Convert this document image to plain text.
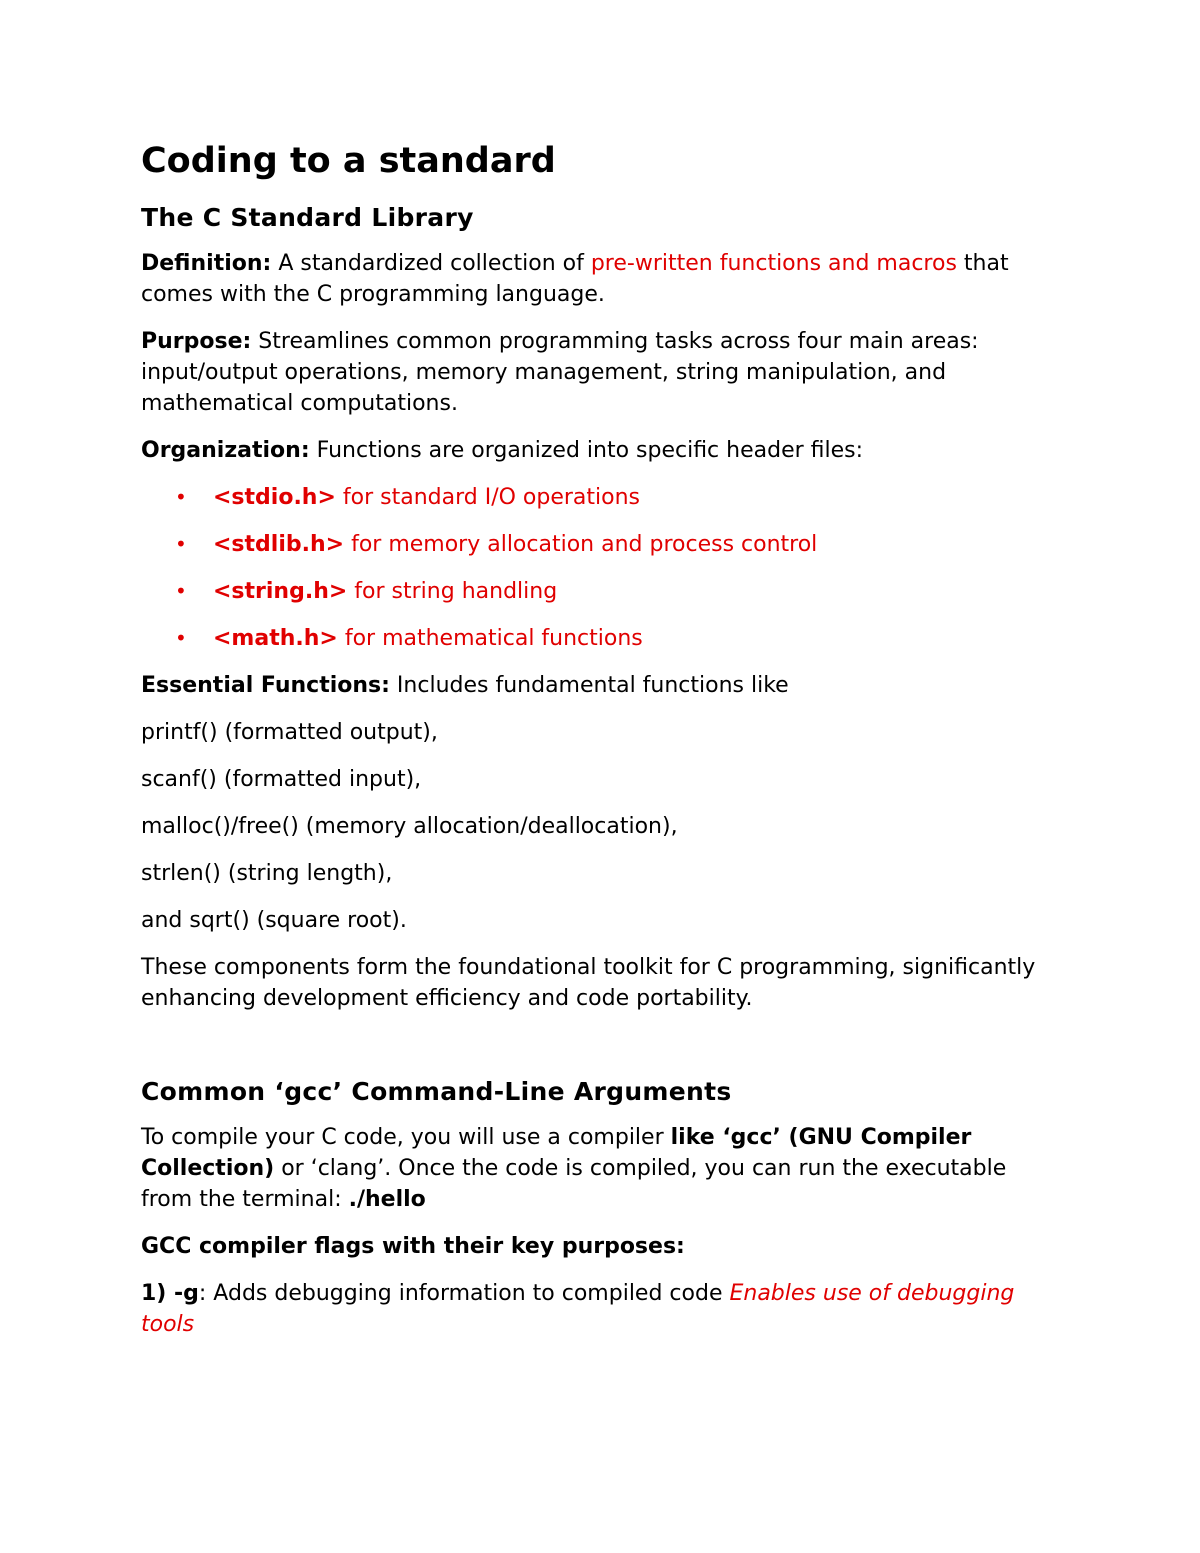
Coding to a standard
The C Standard Library

Definition: A standardized collection of pre-written functions and macros that comes with the C programming language.

Purpose: Streamlines common programming tasks across four main areas: input/output operations, memory management, string manipulation, and mathematical computations.

Organization: Functions are organized into specific header files:

• <stdio.h> for standard I/O operations
• <stdlib.h> for memory allocation and process control
• <string.h> for string handling
• <math.h> for mathematical functions

Essential Functions: Includes fundamental functions like

printf() (formatted output),

scanf() (formatted input),

malloc()/free() (memory allocation/deallocation),

strlen() (string length),

and sqrt() (square root).

These components form the foundational toolkit for C programming, significantly enhancing development efficiency and code portability.

Common ‘gcc’ Command-Line Arguments

To compile your C code, you will use a compiler like ‘gcc’ (GNU Compiler Collection) or ‘clang’. Once the code is compiled, you can run the executable from the terminal: ./hello

GCC compiler flags with their key purposes:

1) -g: Adds debugging information to compiled code Enables use of debugging tools
